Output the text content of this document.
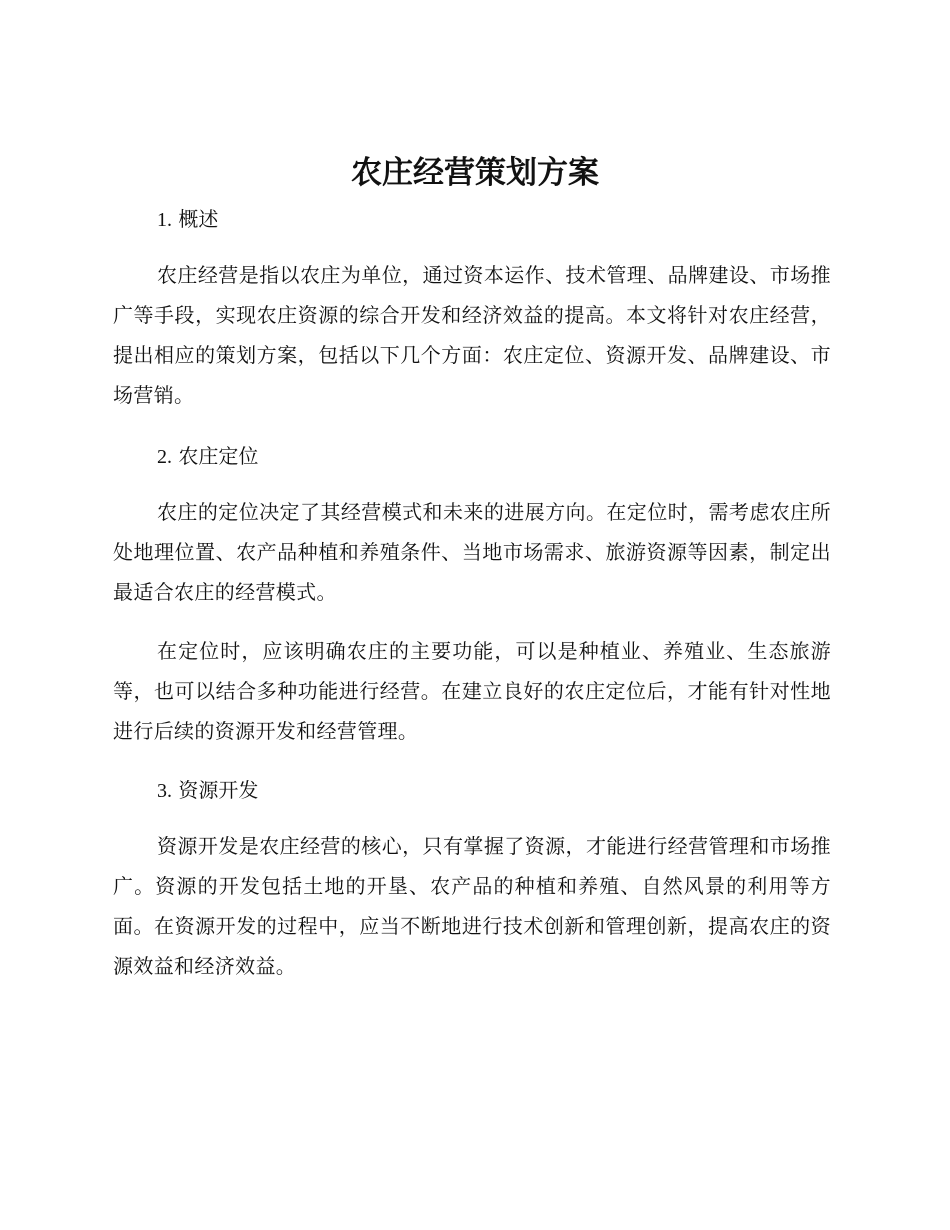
农庄经营策划方案
1. 概述

农庄经营是指以农庄为单位，通过资本运作、技术管理、品牌建设、市场推广等手段，实现农庄资源的综合开发和经济效益的提高。本文将针对农庄经营，提出相应的策划方案，包括以下几个方面：农庄定位、资源开发、品牌建设、市场营销。

2. 农庄定位

农庄的定位决定了其经营模式和未来的进展方向。在定位时，需考虑农庄所处地理位置、农产品种植和养殖条件、当地市场需求、旅游资源等因素，制定出最适合农庄的经营模式。

在定位时，应该明确农庄的主要功能，可以是种植业、养殖业、生态旅游等，也可以结合多种功能进行经营。在建立良好的农庄定位后，才能有针对性地进行后续的资源开发和经营管理。

3. 资源开发

资源开发是农庄经营的核心，只有掌握了资源，才能进行经营管理和市场推广。资源的开发包括土地的开垦、农产品的种植和养殖、自然风景的利用等方面。在资源开发的过程中，应当不断地进行技术创新和管理创新，提高农庄的资源效益和经济效益。
